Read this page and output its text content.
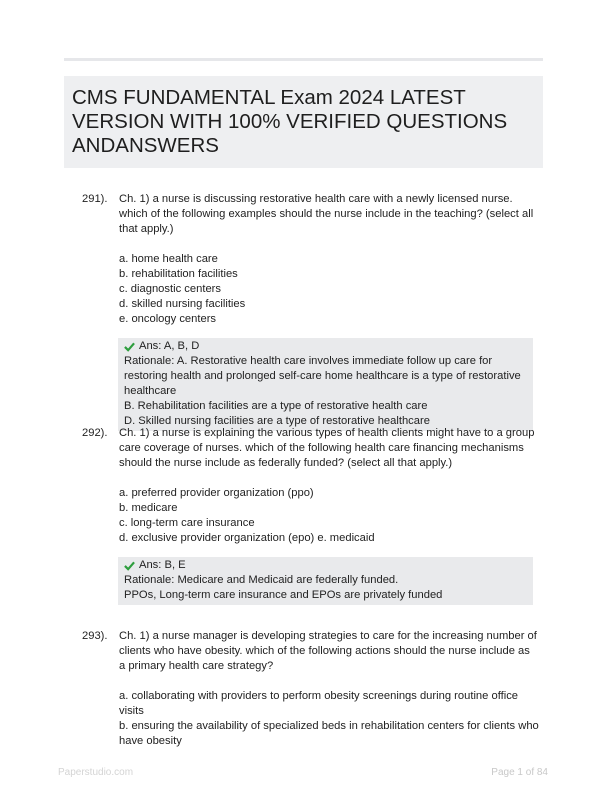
CMS FUNDAMENTAL Exam 2024 LATEST
VERSION WITH 100% VERIFIED QUESTIONS
ANDANSWERS
291). Ch. 1) a nurse is discussing restorative health care with a newly licensed nurse. which of the following examples should the nurse include in the teaching? (select all that apply.)

a. home health care
b. rehabilitation facilities
c. diagnostic centers
d. skilled nursing facilities
e. oncology centers
Ans: A, B, D
Rationale: A. Restorative health care involves immediate follow up care for restoring health and prolonged self-care home healthcare is a type of restorative healthcare
B. Rehabilitation facilities are a type of restorative health care
D. Skilled nursing facilities are a type of restorative healthcare
292). Ch. 1) a nurse is explaining the various types of health clients might have to a group care coverage of nurses. which of the following health care financing mechanisms should the nurse include as federally funded? (select all that apply.)

a. preferred provider organization (ppo)
b. medicare
c. long-term care insurance
d. exclusive provider organization (epo) e. medicaid
Ans: B, E
Rationale: Medicare and Medicaid are federally funded.
PPOs, Long-term care insurance and EPOs are privately funded
293). Ch. 1) a nurse manager is developing strategies to care for the increasing number of clients who have obesity. which of the following actions should the nurse include as a primary health care strategy?

a. collaborating with providers to perform obesity screenings during routine office visits
b. ensuring the availability of specialized beds in rehabilitation centers for clients who have obesity
Paperstudio.com	Page 1 of 84
